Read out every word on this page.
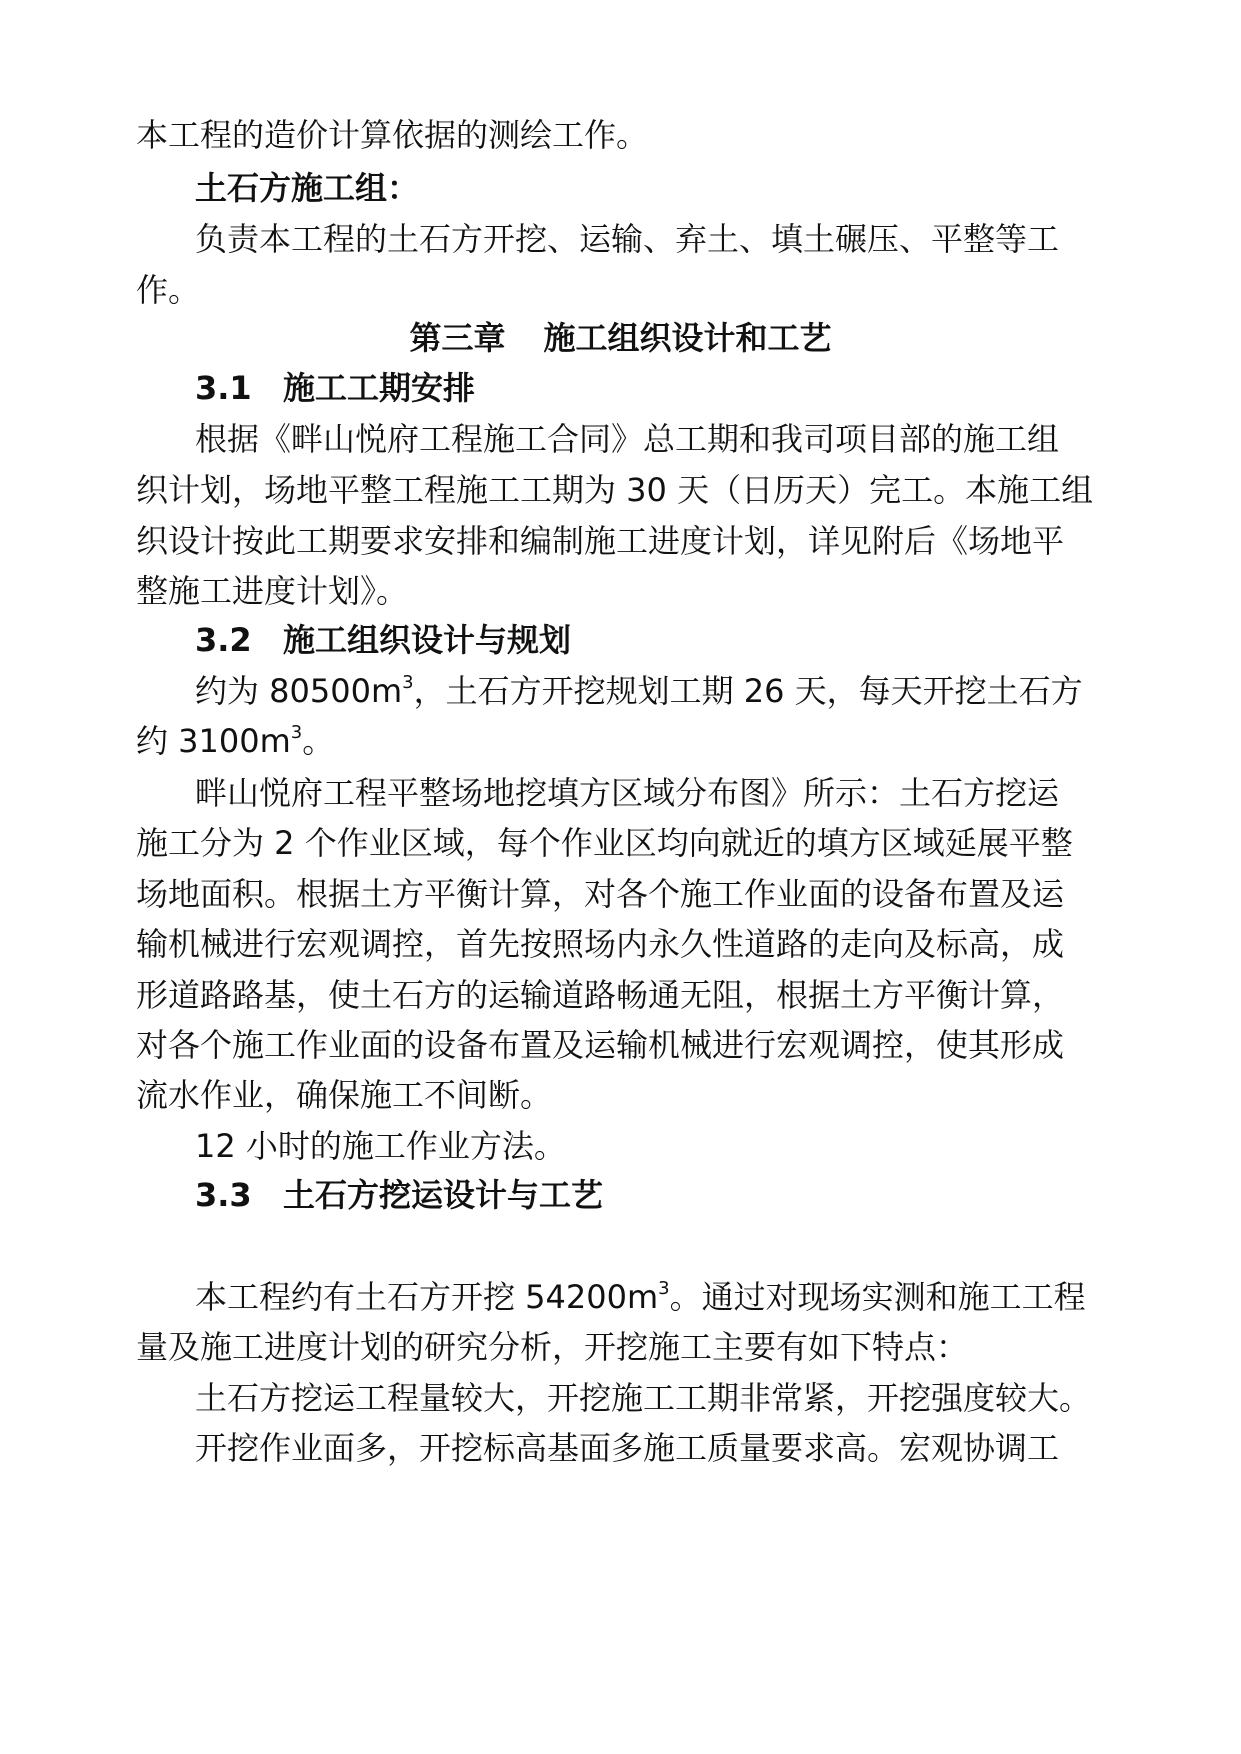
本工程的造价计算依据的测绘工作。
土石方施工组：
负责本工程的土石方开挖、运输、弃土、填土碾压、平整等工
作。
第三章 施工组织设计和工艺
3.1 施工工期安排
根据《畔山悦府工程施工合同》总工期和我司项目部的施工组
织计划，场地平整工程施工工期为 30 天（日历天）完工。本施工组
织设计按此工期要求安排和编制施工进度计划，详见附后《场地平
整施工进度计划》。
3.2 施工组织设计与规划
约为 $80500m^3$，土石方开挖规划工期 26 天，每天开挖土石方
约 $3100m^3$。
畔山悦府工程平整场地挖填方区域分布图》所示：土石方挖运
施工分为 2 个作业区域，每个作业区均向就近的填方区域延展平整
场地面积。根据土方平衡计算，对各个施工作业面的设备布置及运
输机械进行宏观调控，首先按照场内永久性道路的走向及标高，成
形道路路基，使土石方的运输道路畅通无阻，根据土方平衡计算，
对各个施工作业面的设备布置及运输机械进行宏观调控，使其形成
流水作业，确保施工不间断。
12 小时的施工作业方法。
3.3 土石方挖运设计与工艺
本工程约有土石方开挖 $54200m^3$。通过对现场实测和施工工程
量及施工进度计划的研究分析，开挖施工主要有如下特点：
土石方挖运工程量较大，开挖施工工期非常紧，开挖强度较大。
开挖作业面多，开挖标高基面多施工质量要求高。宏观协调工
